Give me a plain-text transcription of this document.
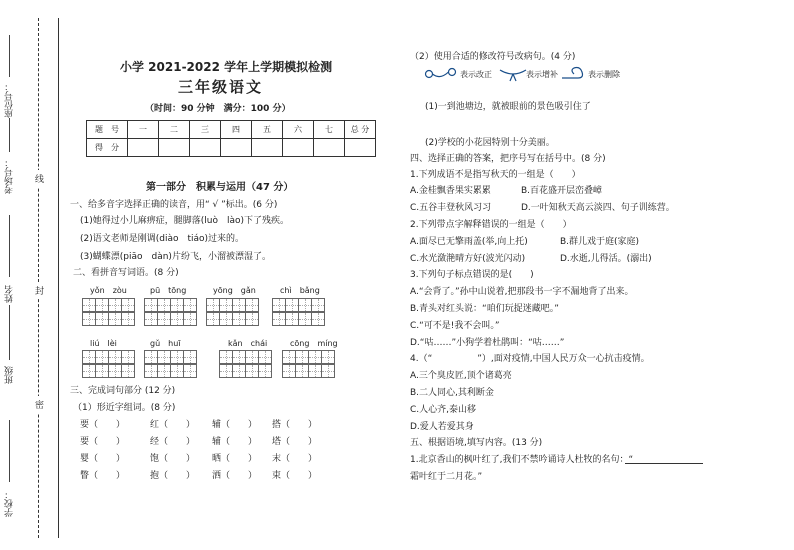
线
封
密
学校：
班级
姓名
考场号：
座位号：
小学 2021-2022 学年上学期模拟检测
三年级语文
（时间：90 分钟　满分：100 分）
题　号	一	二	三	四	五	六	七	总 分
得　分								
第一部分　积累与运用（47 分）
一、给多音字选择正确的读音，用“ √ ”标出。(6 分)
(1)她得过小儿麻痹症，腿脚落(luò　lào)下了残疾。
(2)语文老师是刚调(diào　tiáo)过来的。
(3)蝴蝶漂(piāo　dàn)片纷飞，小溜被漂湿了。
二、看拼音写词语。(8 分)
yǒn　zòu	pū　tōng	yōng　gǎn	chì　bǎng
liú　lèi	gǔ　huī	kǎn　chái	cōng　míng
三、完成词句部分 (12 分)
（1）形近字组词。(8 分)
要（　　）	红（　　） 辅（　　） 搭（　　）
要（　　）	经（　　） 辅（　　） 塔（　　）
婴（　　）	饱（　　） 晒（　　） 末（　　）
瞥（　　）	抱（　　） 洒（　　） 束（　　）
（2）使用合适的修改符号改病句。(4 分)
表示改正	表示增补	表示删除
(1)一到池塘边，就被眼前的景色吸引住了
(2)学校的小花园特别十分美丽。
四、选择正确的答案，把序号写在括号中。(8 分)
1.下列成语不是指写秋天的一组是（　　）
A.金桂飘香果实累累	B.百花盛开层峦叠嶂
C.五谷丰登秋风习习	D.一叶知秋天高云淡四、句子训练营。
2.下列带点字解释错误的一组是（　　）
A.面尽已无擎雨盖(举,向上托)	B.群儿戏于庭(家庭)
C.水光潋滟晴方好(波光闪动)	D.水逝,儿得活。(溺出)
3.下列句子标点错误的是(　　)
A.“会背了。”孙中山说着,把那段书一字不漏地背了出来。
B.青头对红头说：“咱们玩捉迷藏吧。”
C.“可不是!我不会叫。”
D.“咕……”小狗学着杜鹃叫：“咕……”
4.（“　　　　　”）,面对疫情,中国人民万众一心抗击疫情。
A.三个臭皮匠,顶个诸葛亮
B.二人同心,其利断金
C.人心齐,泰山移
D.爱人若爱其身
五、根据语境,填写内容。(13 分)
1.北京香山的枫叶红了,我们不禁吟诵诗人杜牧的名句：“
霜叶红于二月花。”
